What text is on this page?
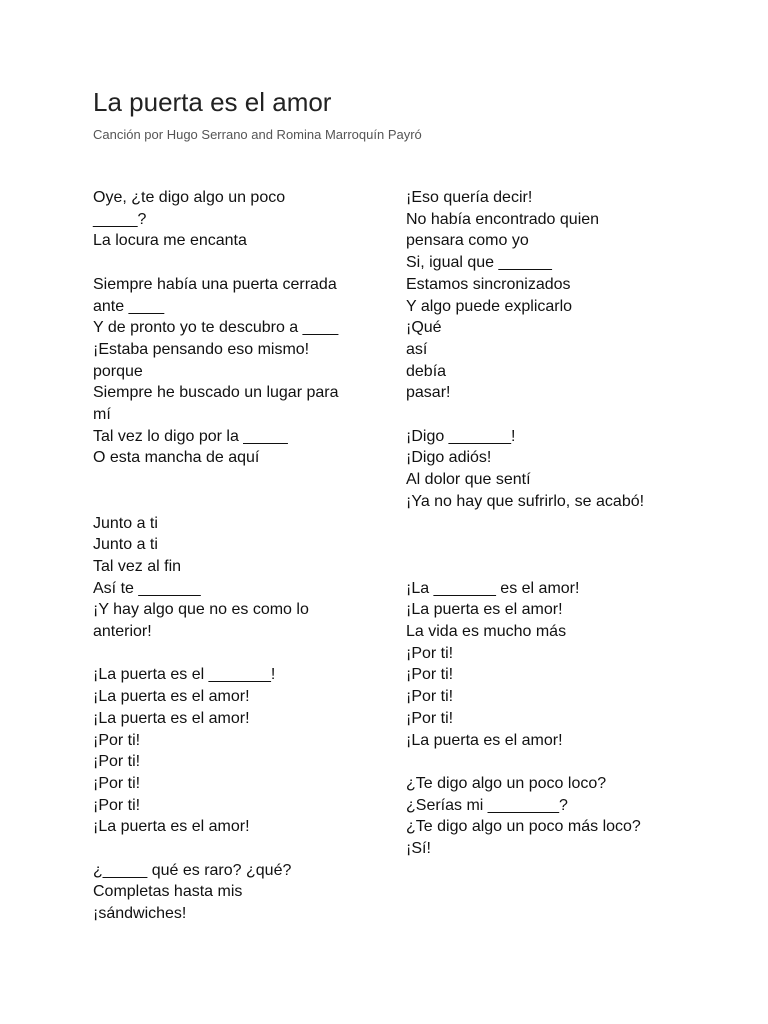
La puerta es el amor

Canción por Hugo Serrano and Romina Marroquín Payró

Oye, ¿te digo algo un poco
_____?
La locura me encanta
Siempre había una puerta cerrada
ante ____
Y de pronto yo te descubro a ____
¡Estaba pensando eso mismo!
porque
Siempre he buscado un lugar para
mí
Tal vez lo digo por la _____
O esta mancha de aquí
Junto a ti
Junto a ti
Tal vez al fin
Así te _______
¡Y hay algo que no es como lo
anterior!
¡La puerta es el _______!
¡La puerta es el amor!
¡La puerta es el amor!
¡Por ti!
¡Por ti!
¡Por ti!
¡Por ti!
¡La puerta es el amor!
¿_____ qué es raro? ¿qué?
Completas hasta mis
¡sándwiches!
¡Eso quería decir!
No había encontrado quien
pensara como yo
Si, igual que ______
Estamos sincronizados
Y algo puede explicarlo
¡Qué
así
debía
pasar!
¡Digo _______!
¡Digo adiós!
Al dolor que sentí
¡Ya no hay que sufrirlo, se acabó!
¡La _______ es el amor!
¡La puerta es el amor!
La vida es mucho más
¡Por ti!
¡Por ti!
¡Por ti!
¡Por ti!
¡La puerta es el amor!
¿Te digo algo un poco loco?
¿Serías mi ________?
¿Te digo algo un poco más loco?
¡Sí!
